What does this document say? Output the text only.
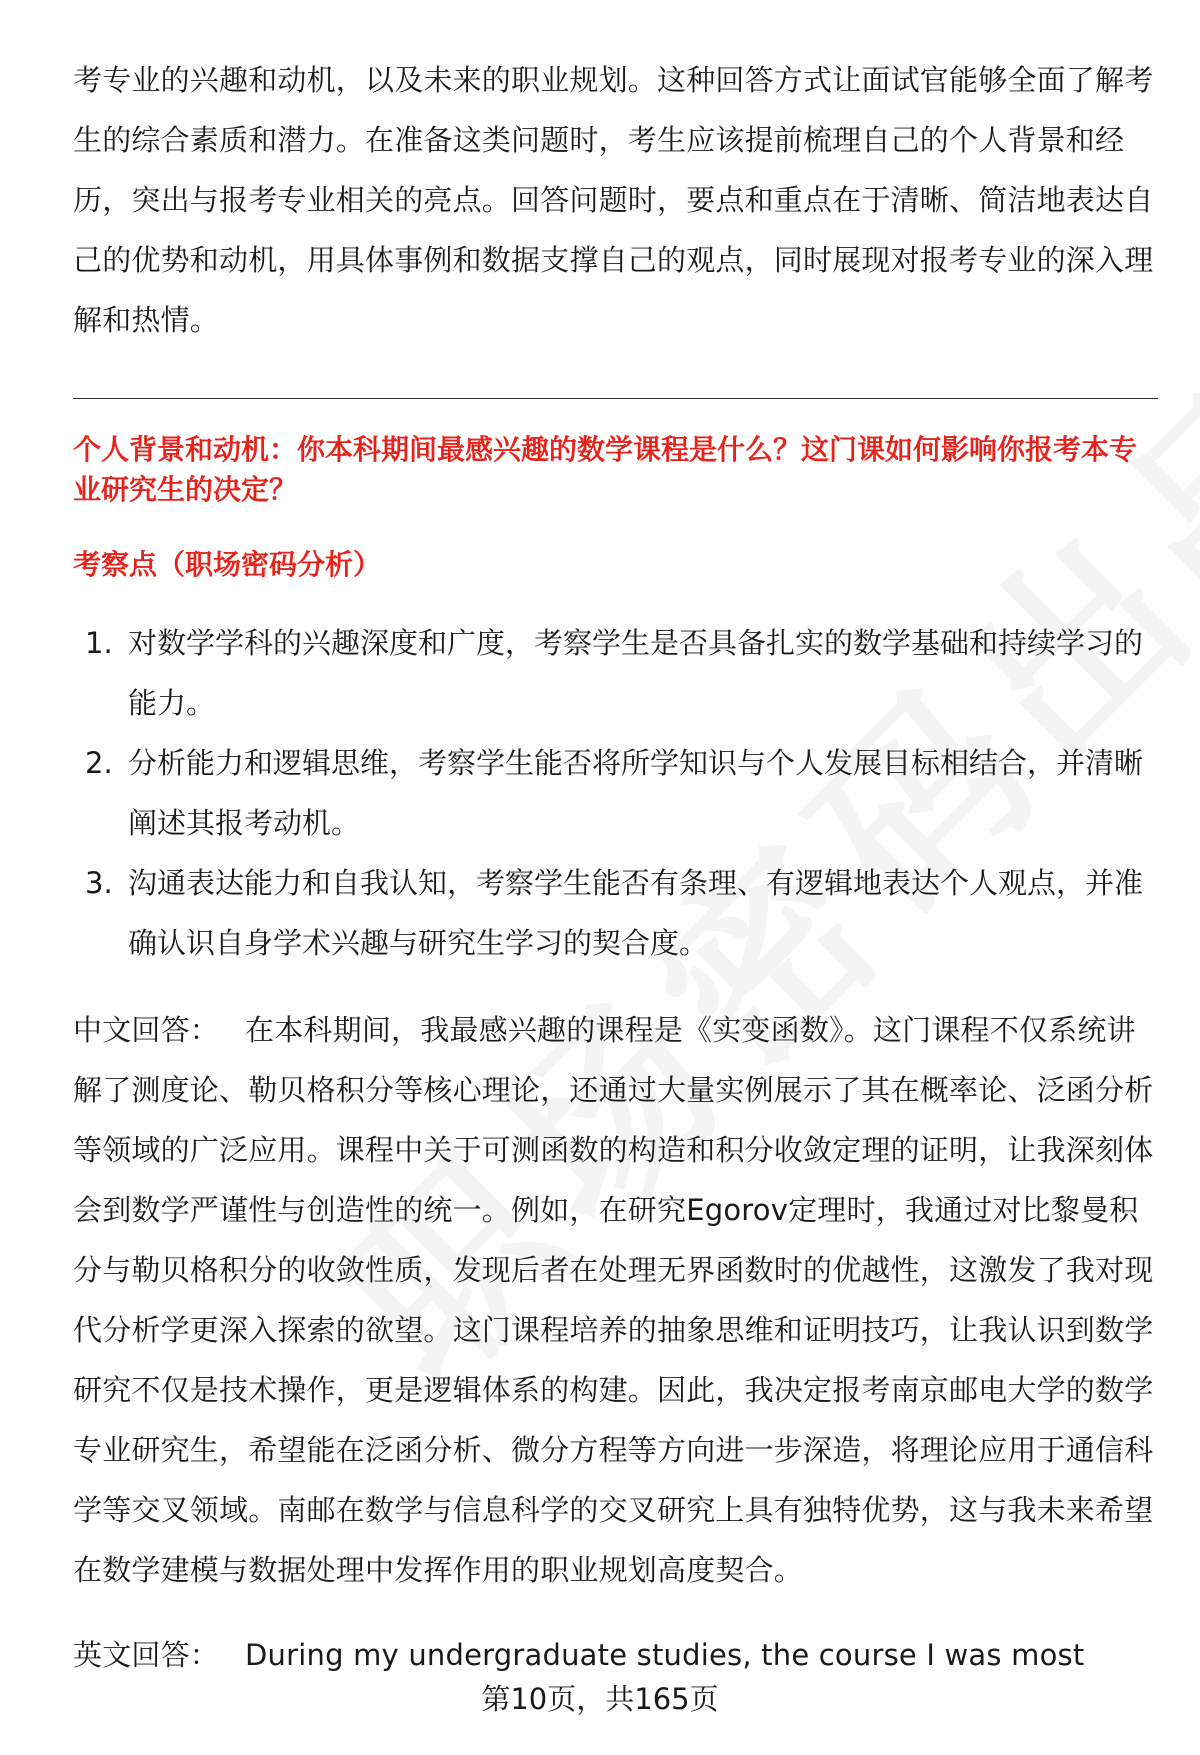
考专业的兴趣和动机，以及未来的职业规划。这种回答方式让面试官能够全面了解考生的综合素质和潜力。在准备这类问题时，考生应该提前梳理自己的个人背景和经历，突出与报考专业相关的亮点。回答问题时，要点和重点在于清晰、简洁地表达自己的优势和动机，用具体事例和数据支撑自己的观点，同时展现对报考专业的深入理解和热情。

个人背景和动机：你本科期间最感兴趣的数学课程是什么？这门课如何影响你报考本专业研究生的决定？
考察点（职场密码分析）
1. 对数学学科的兴趣深度和广度，考察学生是否具备扎实的数学基础和持续学习的能力。
2. 分析能力和逻辑思维，考察学生能否将所学知识与个人发展目标相结合，并清晰阐述其报考动机。
3. 沟通表达能力和自我认知，考察学生能否有条理、有逻辑地表达个人观点，并准确认识自身学术兴趣与研究生学习的契合度。

中文回答： 在本科期间，我最感兴趣的课程是《实变函数》。这门课程不仅系统讲解了测度论、勒贝格积分等核心理论，还通过大量实例展示了其在概率论、泛函分析等领域的广泛应用。课程中关于可测函数的构造和积分收敛定理的证明，让我深刻体会到数学严谨性与创造性的统一。例如，在研究Egorov定理时，我通过对比黎曼积分与勒贝格积分的收敛性质，发现后者在处理无界函数时的优越性，这激发了我对现代分析学更深入探索的欲望。这门课程培养的抽象思维和证明技巧，让我认识到数学研究不仅是技术操作，更是逻辑体系的构建。因此，我决定报考南京邮电大学的数学专业研究生，希望能在泛函分析、微分方程等方向进一步深造，将理论应用于通信科学等交叉领域。南邮在数学与信息科学的交叉研究上具有独特优势，这与我未来希望在数学建模与数据处理中发挥作用的职业规划高度契合。

英文回答： During my undergraduate studies, the course I was most

第10页，共165页
